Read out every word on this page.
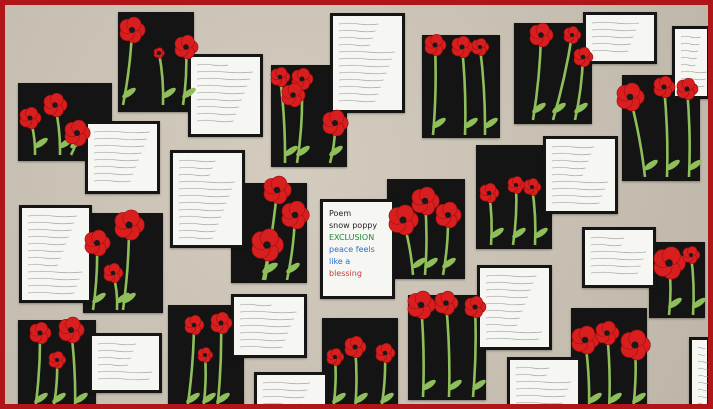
Poem
snow poppy
EXCLUSION
peace feels
like a
blessing
